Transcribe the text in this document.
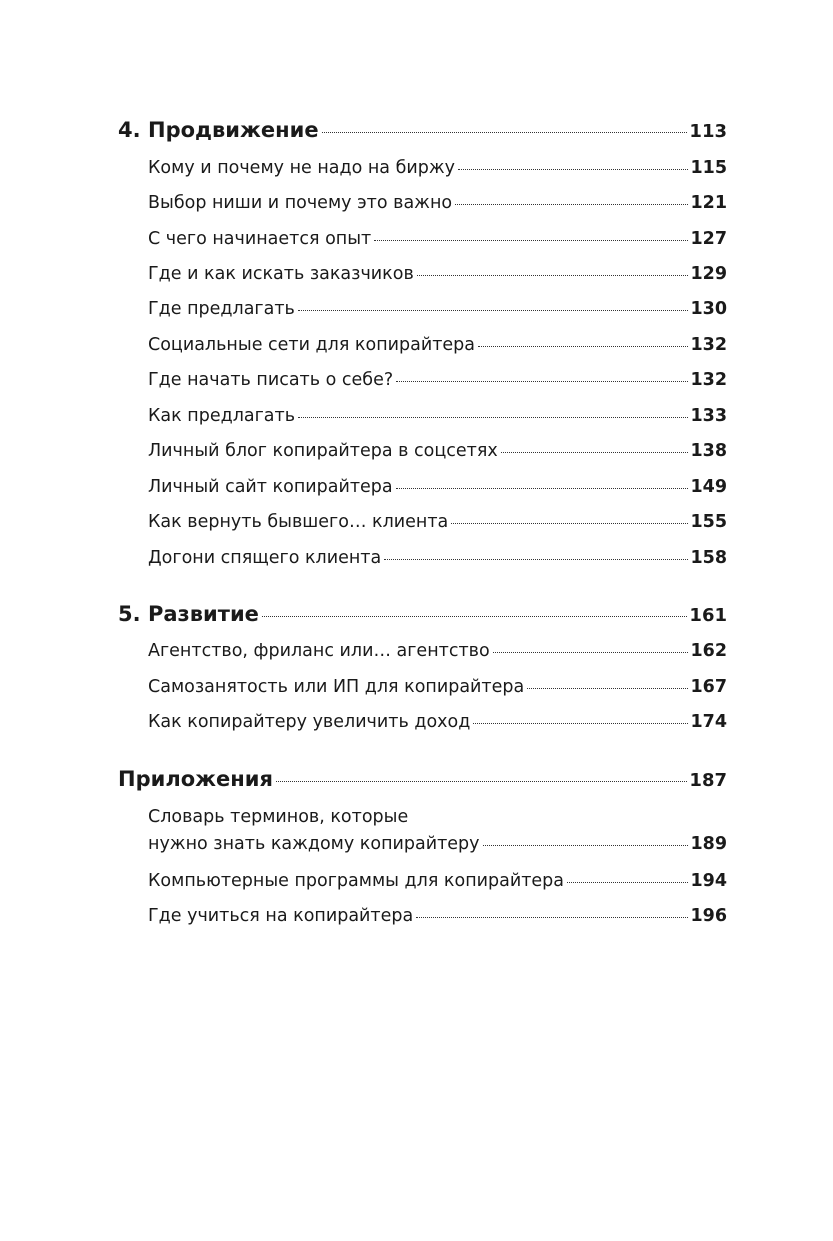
4. Продвижение	113
Кому и почему не надо на биржу	115
Выбор ниши и почему это важно	121
С чего начинается опыт	127
Где и как искать заказчиков	129
Где предлагать	130
Социальные сети для копирайтера	132
Где начать писать о себе?	132
Как предлагать	133
Личный блог копирайтера в соцсетях	138
Личный сайт копирайтера	149
Как вернуть бывшего… клиента	155
Догони спящего клиента	158
5. Развитие	161
Агентство, фриланс или… агентство	162
Самозанятость или ИП для копирайтера	167
Как копирайтеру увеличить доход	174
Приложения	187
Словарь терминов, которые
нужно знать каждому копирайтеру	189
Компьютерные программы для копирайтера	194
Где учиться на копирайтера	196
